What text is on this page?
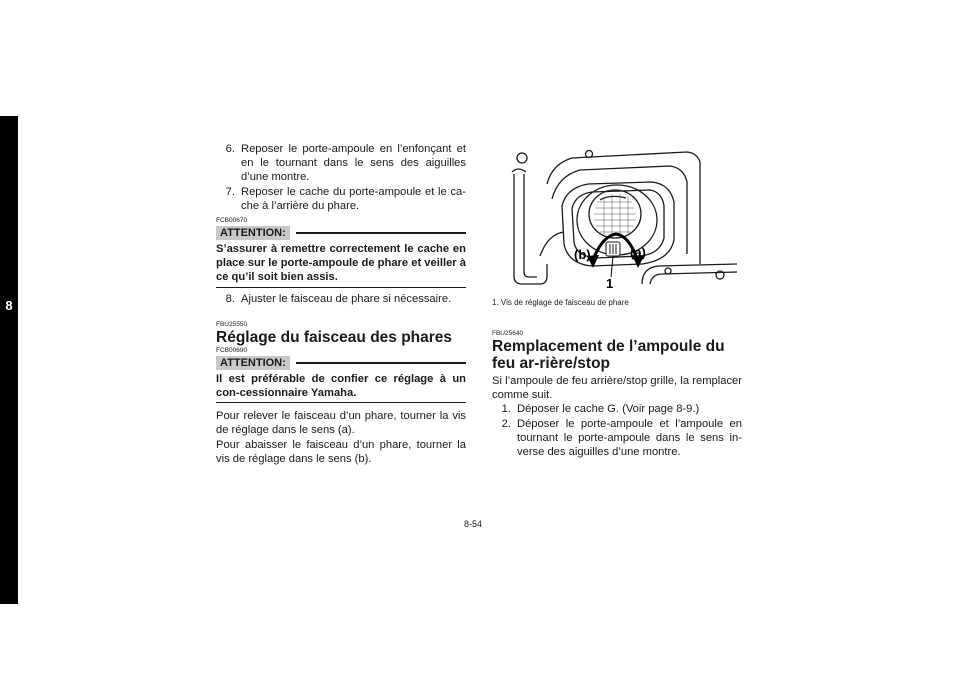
8
6. Reposer le porte-ampoule en l’enfonçant et en le tournant dans le sens des aiguilles d’une montre.
7. Reposer le cache du porte-ampoule et le ca-che à l’arrière du phare.
FCB00670
ATTENTION:
S’assurer à remettre correctement le cache en place sur le porte-ampoule de phare et veiller à ce qu’il soit bien assis.
8. Ajuster le faisceau de phare si nécessaire.
FBU25550
Réglage du faisceau des phares
FCB00690
ATTENTION:
Il est préférable de confier ce réglage à un con-cessionnaire Yamaha.

Pour relever le faisceau d’un phare, tourner la vis de réglage dans le sens (a).

Pour abaisser le faisceau d’un phare, tourner la vis de réglage dans le sens (b).

(b)	(a)
1
1. Vis de réglage de faisceau de phare
FBU25640
Remplacement de l’ampoule du feu ar-rière/stop

Si l’ampoule de feu arrière/stop grille, la remplacer comme suit.

1. Déposer le cache G. (Voir page 8-9.)
2. Déposer le porte-ampoule et l’ampoule en tournant le porte-ampoule dans le sens in-verse des aiguilles d’une montre.
8-54
